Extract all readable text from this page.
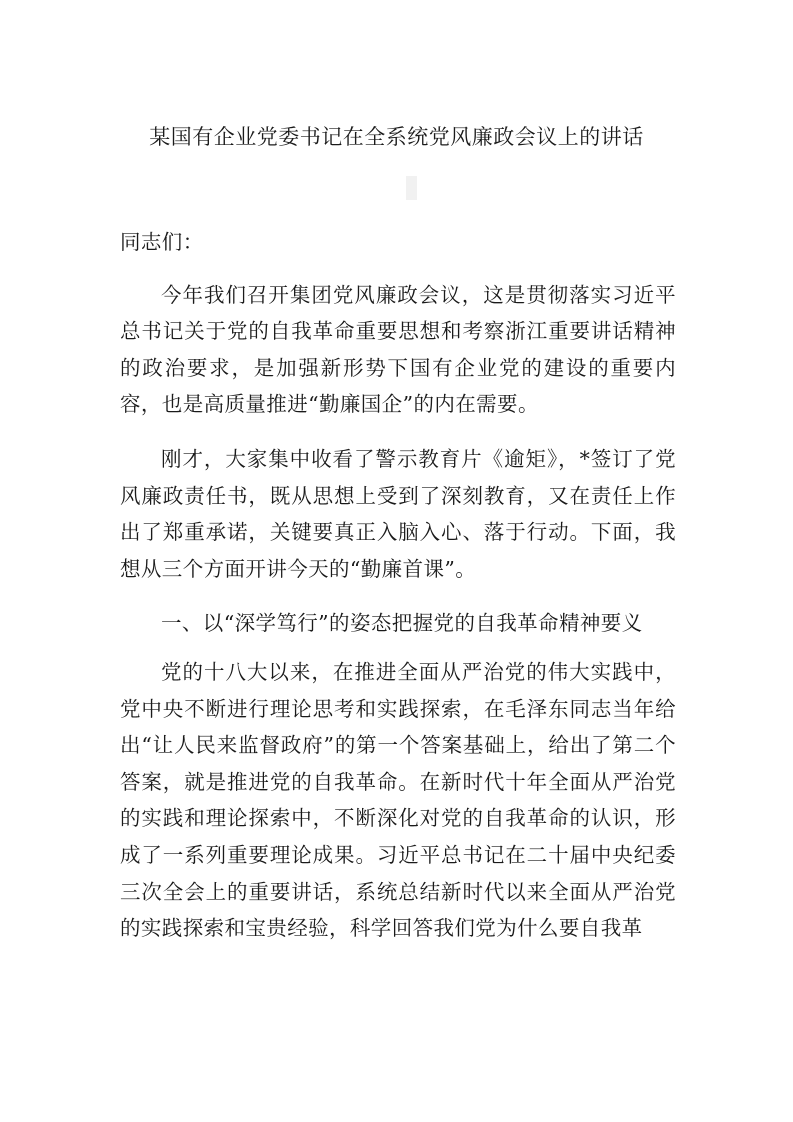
某国有企业党委书记在全系统党风廉政会议上的讲话

同志们：

今年我们召开集团党风廉政会议，这是贯彻落实习近平总书记关于党的自我革命重要思想和考察浙江重要讲话精神的政治要求，是加强新形势下国有企业党的建设的重要内容，也是高质量推进“勤廉国企”的内在需要。

刚才，大家集中收看了警示教育片《逾矩》，*签订了党风廉政责任书，既从思想上受到了深刻教育，又在责任上作出了郑重承诺，关键要真正入脑入心、落于行动。下面，我想从三个方面开讲今天的“勤廉首课”。

一、以“深学笃行”的姿态把握党的自我革命精神要义

党的十八大以来，在推进全面从严治党的伟大实践中，党中央不断进行理论思考和实践探索，在毛泽东同志当年给出“让人民来监督政府”的第一个答案基础上，给出了第二个答案，就是推进党的自我革命。在新时代十年全面从严治党的实践和理论探索中，不断深化对党的自我革命的认识，形成了一系列重要理论成果。习近平总书记在二十届中央纪委三次全会上的重要讲话，系统总结新时代以来全面从严治党的实践探索和宝贵经验，科学回答我们党为什么要自我革
